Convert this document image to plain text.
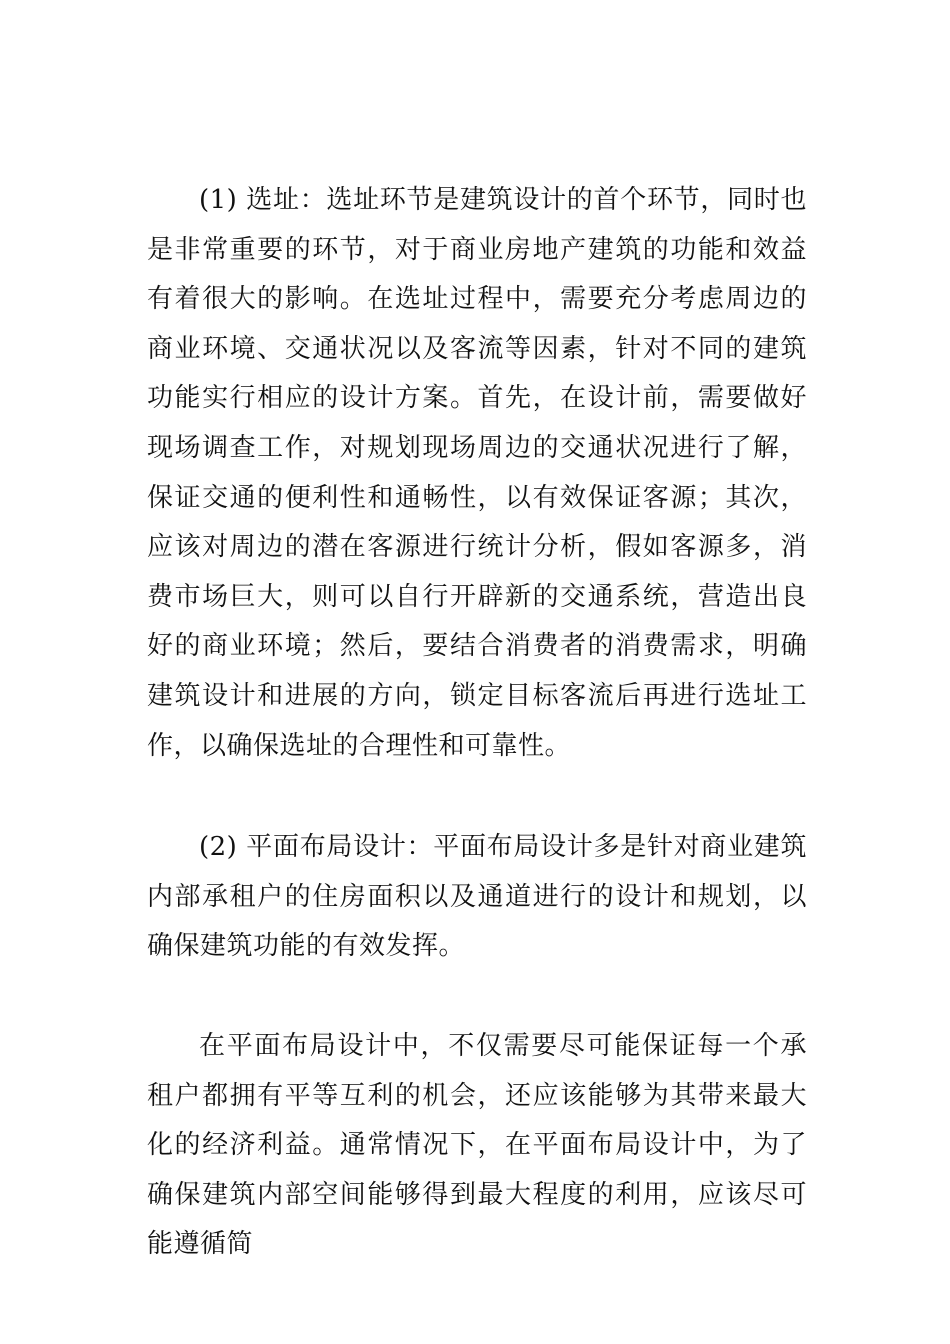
(1) 选址：选址环节是建筑设计的首个环节，同时也是非常重要的环节，对于商业房地产建筑的功能和效益有着很大的影响。在选址过程中，需要充分考虑周边的商业环境、交通状况以及客流等因素，针对不同的建筑功能实行相应的设计方案。首先，在设计前，需要做好现场调查工作，对规划现场周边的交通状况进行了解，保证交通的便利性和通畅性，以有效保证客源；其次，应该对周边的潜在客源进行统计分析，假如客源多，消费市场巨大，则可以自行开辟新的交通系统，营造出良好的商业环境；然后，要结合消费者的消费需求，明确建筑设计和进展的方向，锁定目标客流后再进行选址工作，以确保选址的合理性和可靠性。

(2) 平面布局设计：平面布局设计多是针对商业建筑内部承租户的住房面积以及通道进行的设计和规划，以确保建筑功能的有效发挥。

在平面布局设计中，不仅需要尽可能保证每一个承租户都拥有平等互利的机会，还应该能够为其带来最大化的经济利益。通常情况下，在平面布局设计中，为了确保建筑内部空间能够得到最大程度的利用，应该尽可能遵循简
